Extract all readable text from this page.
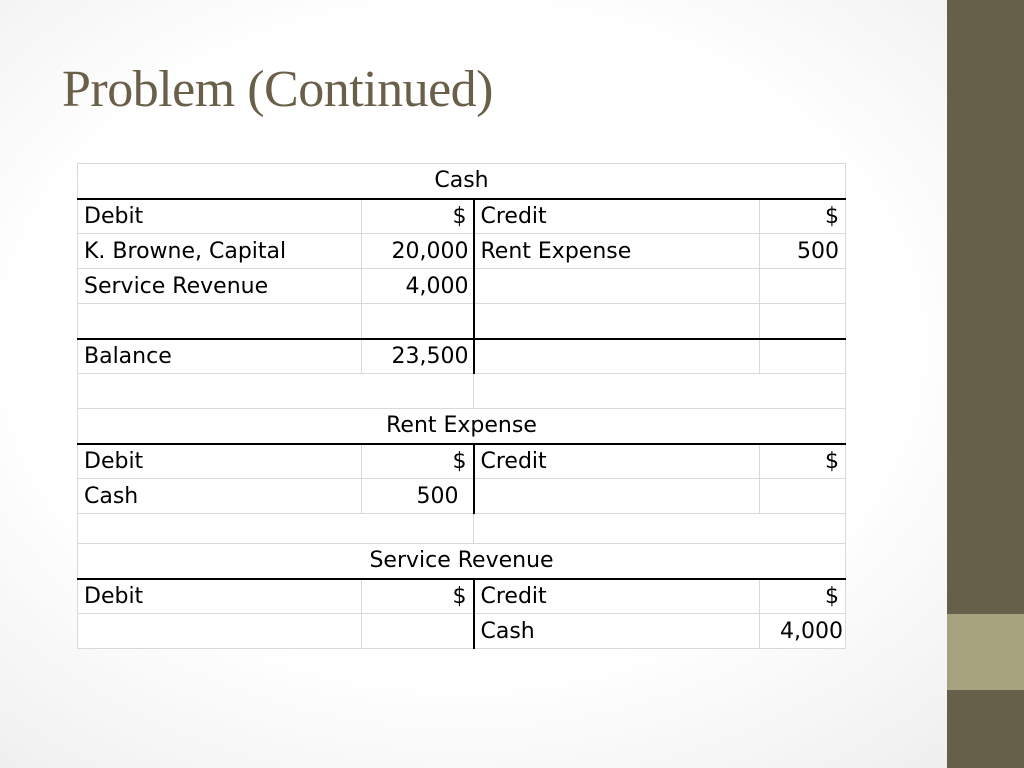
Problem (Continued)
Cash			
Debit	$	Credit	$
K. Browne, Capital	20,000	Rent Expense	500
Service Revenue	4,000		

Balance	23,500		

Rent Expense			
Debit	$	Credit	$
Cash	500		

Service Revenue			
Debit	$	Credit	$
		Cash	4,000
